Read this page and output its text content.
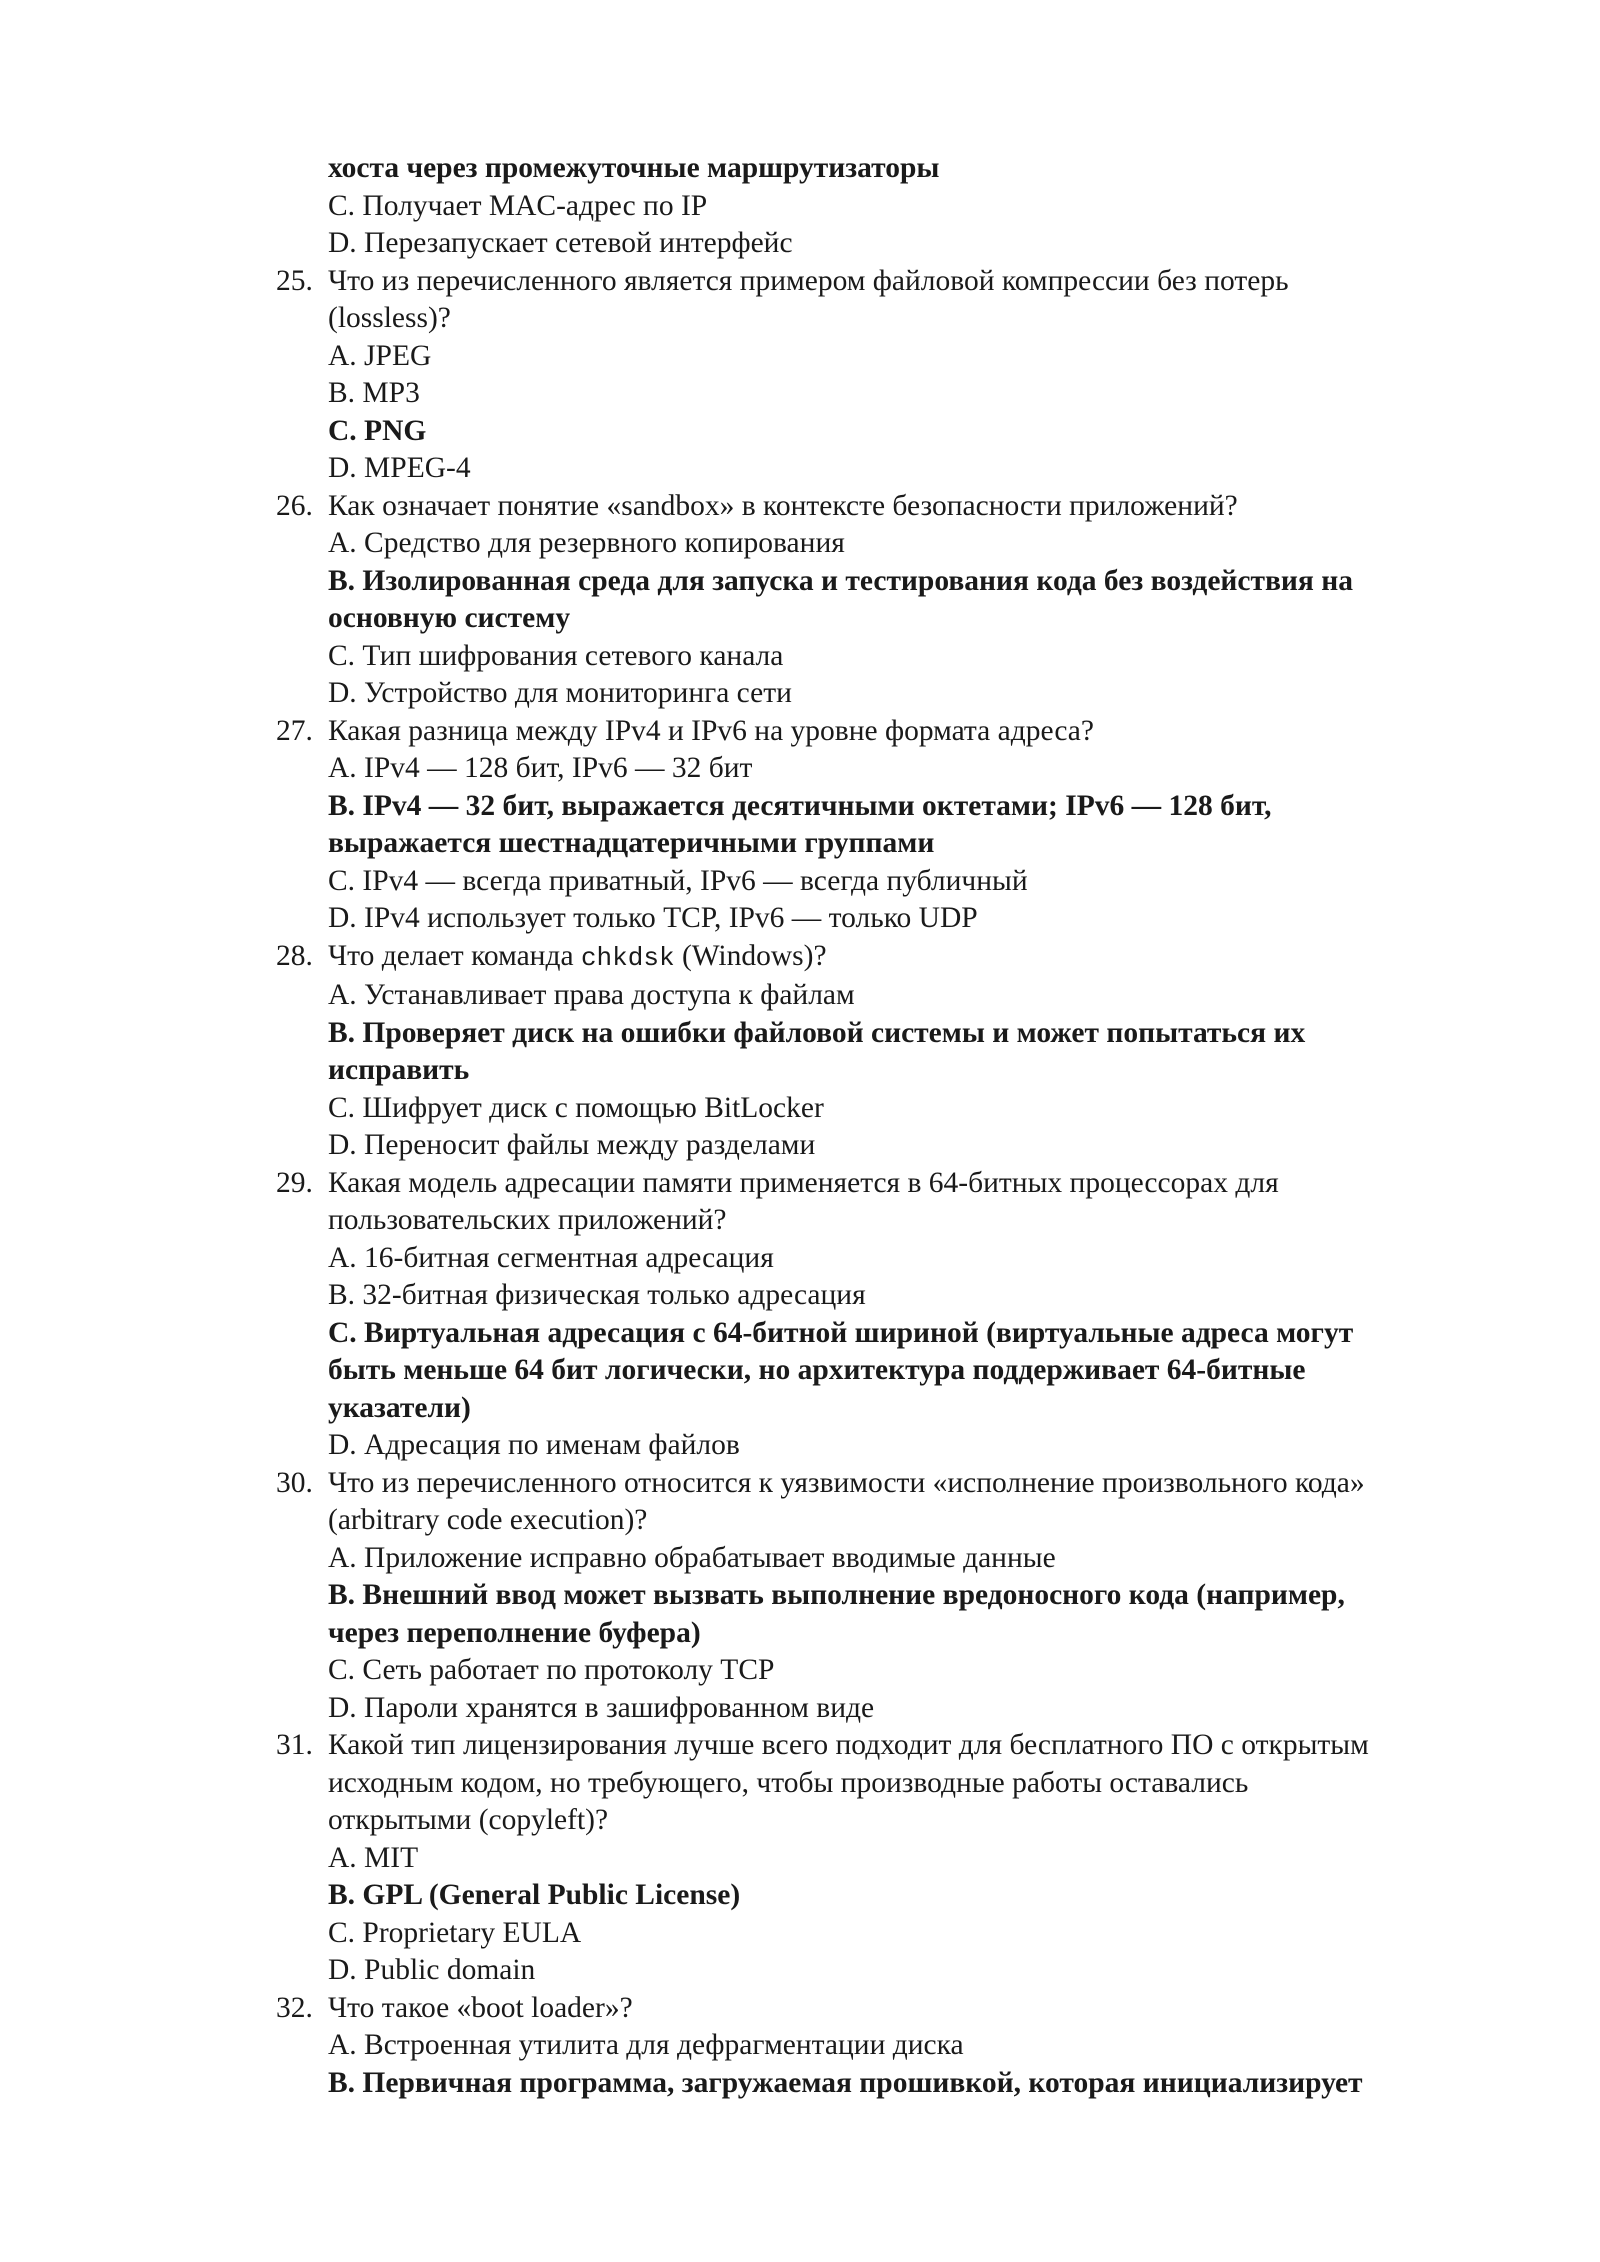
хоста через промежуточные маршрутизаторы
C. Получает MAC-адрес по IP
D. Перезапускает сетевой интерфейс
25. Что из перечисленного является примером файловой компрессии без потерь
(lossless)?
A. JPEG
B. MP3
C. PNG
D. MPEG-4
26. Как означает понятие «sandbox» в контексте безопасности приложений?
A. Средство для резервного копирования
B. Изолированная среда для запуска и тестирования кода без воздействия на
основную систему
C. Тип шифрования сетевого канала
D. Устройство для мониторинга сети
27. Какая разница между IPv4 и IPv6 на уровне формата адреса?
A. IPv4 — 128 бит, IPv6 — 32 бит
B. IPv4 — 32 бит, выражается десятичными октетами; IPv6 — 128 бит,
выражается шестнадцатеричными группами
C. IPv4 — всегда приватный, IPv6 — всегда публичный
D. IPv4 использует только TCP, IPv6 — только UDP
28. Что делает команда chkdsk (Windows)?
A. Устанавливает права доступа к файлам
B. Проверяет диск на ошибки файловой системы и может попытаться их
исправить
C. Шифрует диск с помощью BitLocker
D. Переносит файлы между разделами
29. Какая модель адресации памяти применяется в 64-битных процессорах для
пользовательских приложений?
A. 16-битная сегментная адресация
B. 32-битная физическая только адресация
C. Виртуальная адресация с 64-битной шириной (виртуальные адреса могут
быть меньше 64 бит логически, но архитектура поддерживает 64-битные
указатели)
D. Адресация по именам файлов
30. Что из перечисленного относится к уязвимости «исполнение произвольного кода»
(arbitrary code execution)?
A. Приложение исправно обрабатывает вводимые данные
B. Внешний ввод может вызвать выполнение вредоносного кода (например,
через переполнение буфера)
C. Сеть работает по протоколу TCP
D. Пароли хранятся в зашифрованном виде
31. Какой тип лицензирования лучше всего подходит для бесплатного ПО с открытым
исходным кодом, но требующего, чтобы производные работы оставались
открытыми (copyleft)?
A. MIT
B. GPL (General Public License)
C. Proprietary EULA
D. Public domain
32. Что такое «boot loader»?
A. Встроенная утилита для дефрагментации диска
B. Первичная программа, загружаемая прошивкой, которая инициализирует
